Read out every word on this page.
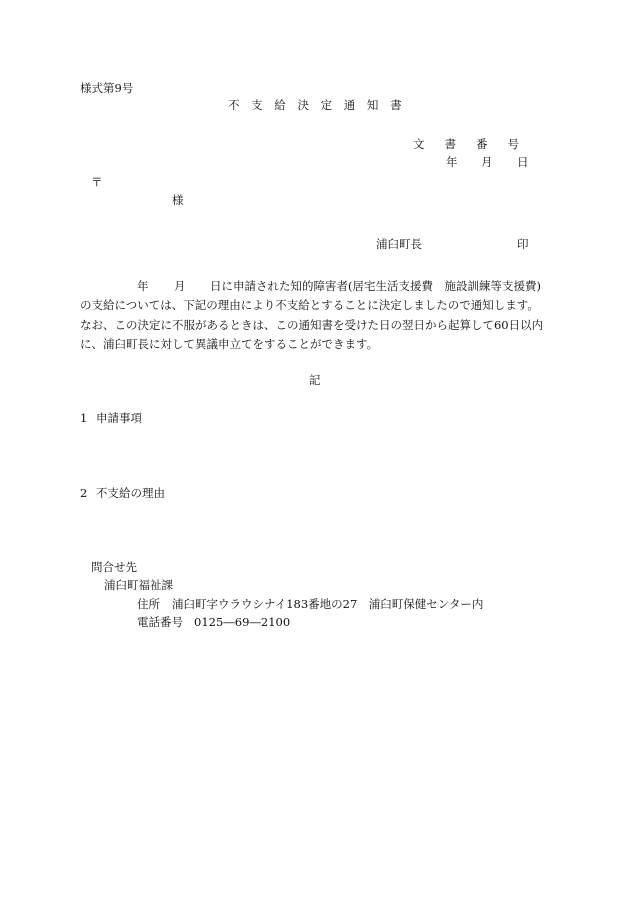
様式第9号
不 支 給 決 定 通 知 書
文書番号
年 月 日
〒
様
浦臼町長	印
年 月 日に申請された知的障害者(居宅生活支援費　施設訓練等支援費)
の支給については、下記の理由により不支給とすることに決定しましたので通知します。
なお、この決定に不服があるときは、この通知書を受けた日の翌日から起算して60日以内
に、浦臼町長に対して異議申立てをすることができます。
記
1 申請事項
2 不支給の理由
問合せ先
浦臼町福祉課
住所 浦臼町字ウラウシナイ183番地の27　浦臼町保健センター内
電話番号 0125―69―2100
